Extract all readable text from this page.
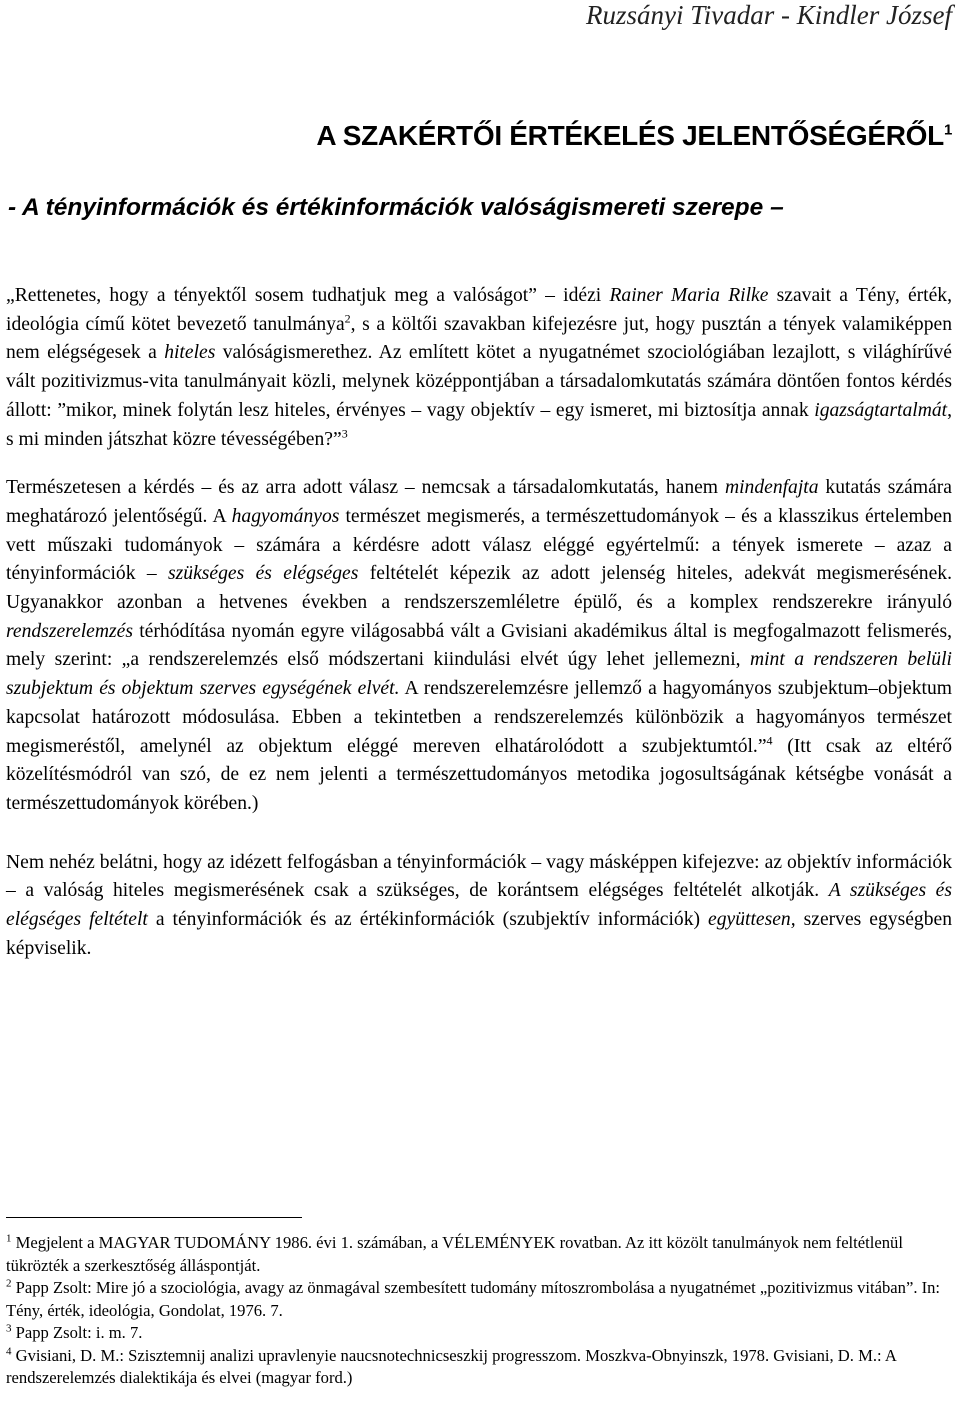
Ruzsányi Tivadar - Kindler József
A SZAKÉRTŐI ÉRTÉKELÉS JELENTŐSÉGÉRŐL$^1$
- A tényinformációk és értékinformációk valóságismereti szerepe –

„Rettenetes, hogy a tényektől sosem tudhatjuk meg a valóságot” – idézi Rainer Maria Rilke szavait a Tény, érték, ideológia című kötet bevezető tanulmánya$^2$, s a költői szavakban kifejezésre jut, hogy pusztán a tények valamiképpen nem elégségesek a hiteles valóságismerethez. Az említett kötet a nyugatnémet szociológiában lezajlott, s világhírűvé vált pozitivizmus-vita tanulmányait közli, melynek középpontjában a társadalomkutatás számára döntően fontos kérdés állott: ”mikor, minek folytán lesz hiteles, érvényes – vagy objektív – egy ismeret, mi biztosítja annak igazságtartalmát, s mi minden játszhat közre tévességében?”$^3$

Természetesen a kérdés – és az arra adott válasz – nemcsak a társadalomkutatás, hanem mindenfajta kutatás számára meghatározó jelentőségű. A hagyományos természet megismerés, a természettudományok – és a klasszikus értelemben vett műszaki tudományok – számára a kérdésre adott válasz eléggé egyértelmű: a tények ismerete – azaz a tényinformációk – szükséges és elégséges feltételét képezik az adott jelenség hiteles, adekvát megismerésének. Ugyanakkor azonban a hetvenes években a rendszerszemléletre épülő, és a komplex rendszerekre irányuló rendszerelemzés térhódítása nyomán egyre világosabbá vált a Gvisiani akadémikus által is megfogalmazott felismerés, mely szerint: „a rendszerelemzés első módszertani kiindulási elvét úgy lehet jellemezni, mint a rendszeren belüli szubjektum és objektum szerves egységének elvét. A rendszerelemzésre jellemző a hagyományos szubjektum–objektum kapcsolat határozott módosulása. Ebben a tekintetben a rendszerelemzés különbözik a hagyományos természet megismeréstől, amelynél az objektum eléggé mereven elhatárolódott a szubjektumtól.”$^4$ (Itt csak az eltérő közelítésmódról van szó, de ez nem jelenti a természettudományos metodika jogosultságának kétségbe vonását a természettudományok körében.)

Nem nehéz belátni, hogy az idézett felfogásban a tényinformációk – vagy másképpen kifejezve: az objektív információk – a valóság hiteles megismerésének csak a szükséges, de korántsem elégséges feltételét alkotják. A szükséges és elégséges feltételt a tényinformációk és az értékinformációk (szubjektív információk) együttesen, szerves egységben képviselik.

$^1$ Megjelent a MAGYAR TUDOMÁNY 1986. évi 1. számában, a VÉLEMÉNYEK rovatban. Az itt közölt tanulmányok nem feltétlenül tükrözték a szerkesztőség álláspontját.

$^2$ Papp Zsolt: Mire jó a szociológia, avagy az önmagával szembesített tudomány mítoszrombolása a nyugatnémet „pozitivizmus vitában”. In: Tény, érték, ideológia, Gondolat, 1976. 7.

$^3$ Papp Zsolt: i. m. 7.

$^4$ Gvisiani, D. M.: Szisztemnij analizi upravlenyie naucsnotechnicseszkij progresszom. Moszkva-Obnyinszk, 1978. Gvisiani, D. M.: A rendszerelemzés dialektikája és elvei (magyar ford.)
